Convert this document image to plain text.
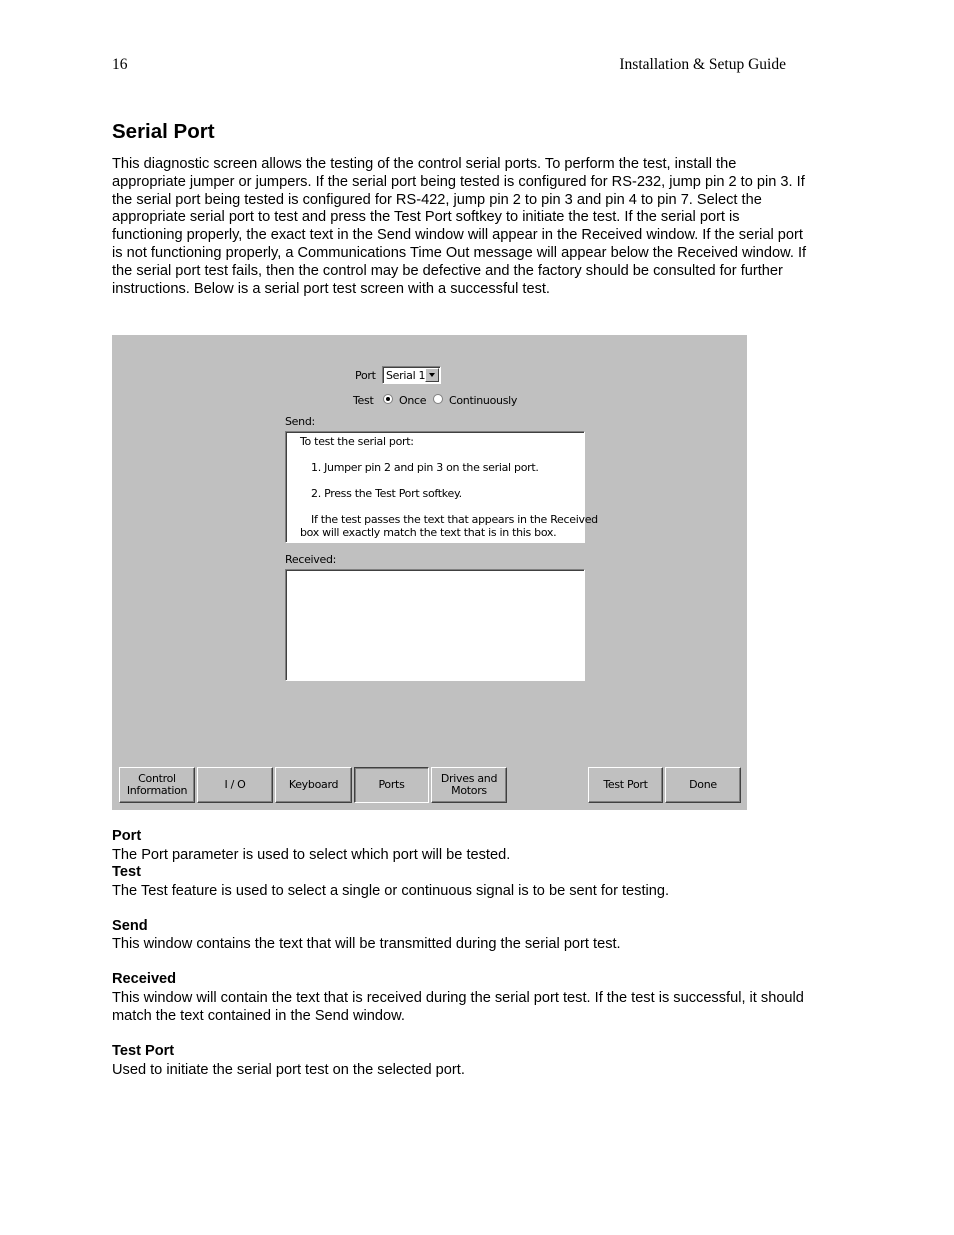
16	Installation & Setup Guide
Serial Port

This diagnostic screen allows the testing of the control serial ports. To perform the test, install the appropriate jumper or jumpers. If the serial port being tested is configured for RS-232, jump pin 2 to pin 3. If the serial port being tested is configured for RS-422, jump pin 2 to pin 3 and pin 4 to pin 7. Select the appropriate serial port to test and press the Test Port softkey to initiate the test. If the serial port is functioning properly, the exact text in the Send window will appear in the Received window. If the serial port is not functioning properly, a Communications Time Out message will appear below the Received window. If the serial port test fails, then the control may be defective and the factory should be consulted for further instructions. Below is a serial port test screen with a successful test.

Port Serial 1
Test Once Continuously
Send:
To test the serial port:
1. Jumper pin 2 and pin 3 on the serial port.
2. Press the Test Port softkey.
If the test passes the text that appears in the Received
box will exactly match the text that is in this box.
Received:
Control
Information	I / O	Keyboard	Ports	Drives and
Motors	Test Port	Done
Port

The Port parameter is used to select which port will be tested.

Test

The Test feature is used to select a single or continuous signal is to be sent for testing.

Send

This window contains the text that will be transmitted during the serial port test.

Received

This window will contain the text that is received during the serial port test. If the test is successful, it should match the text contained in the Send window.

Test Port

Used to initiate the serial port test on the selected port.
